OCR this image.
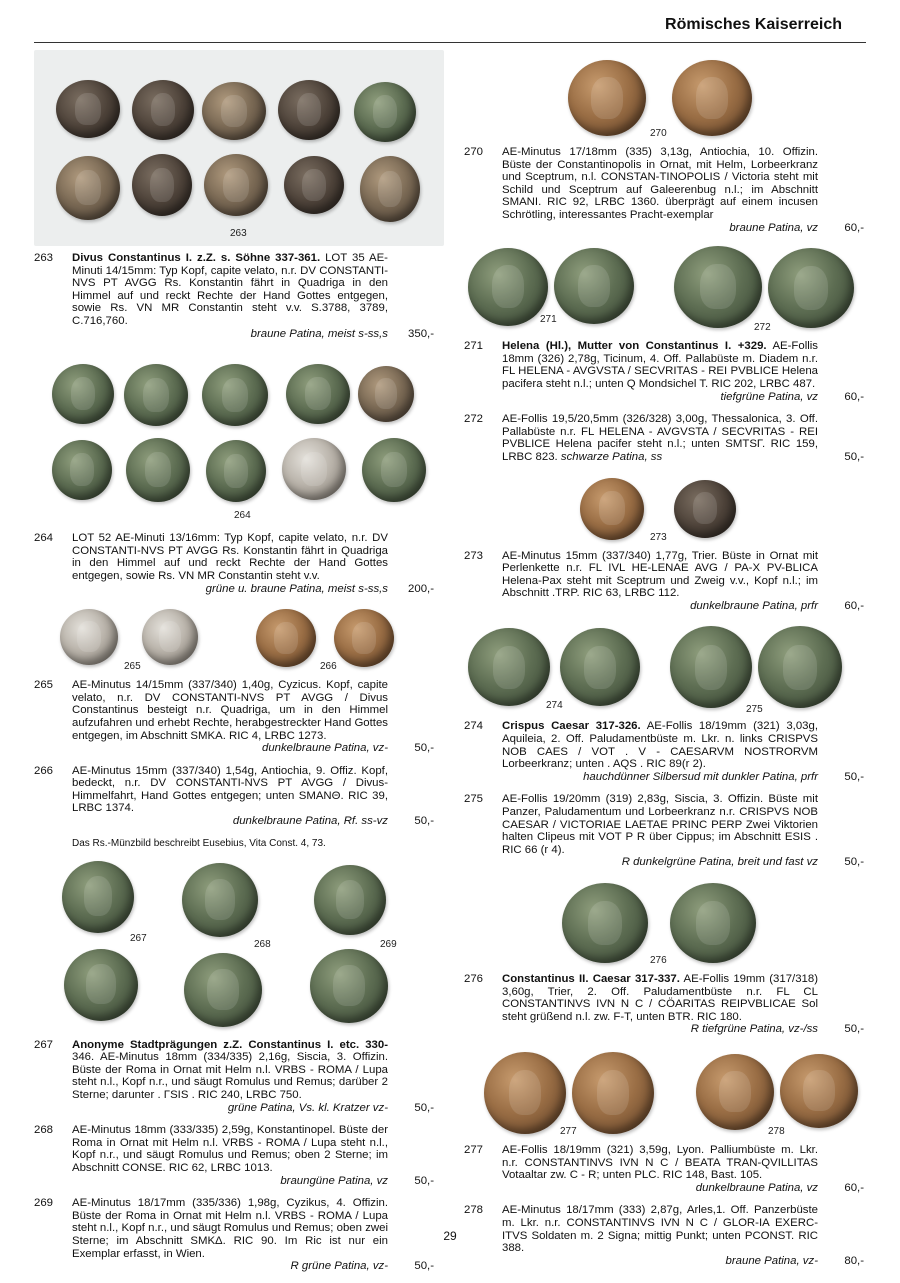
Römisches Kaiserreich
263
263	Divus Constantinus I. z.Z. s. Söhne 337-361. LOT 35 AE-Minuti 14/15mm: Typ Kopf, capite velato, n.r. DV CONSTANTI-NVS PT AVGG Rs. Konstantin fährt in Quadriga in den Himmel auf und reckt Rechte der Hand Gottes entgegen, sowie Rs. VN MR Constantin steht v.v. S.3788, 3789, C.716,760.
braune Patina, meist s-ss,s	350,-
264
264	LOT 52 AE-Minuti 13/16mm: Typ Kopf, capite velato, n.r. DV CONSTANTI-NVS PT AVGG Rs. Konstantin fährt in Quadriga in den Himmel auf und reckt Rechte der Hand Gottes entgegen, sowie Rs. VN MR Constantin steht v.v.
grüne u. braune Patina, meist s-ss,s	200,-
265	266
265	AE-Minutus 14/15mm (337/340) 1,40g, Cyzicus. Kopf, capite velato, n.r. DV CONSTANTI-NVS PT AVGG / Divus Constantinus besteigt n.r. Quadriga, um in den Himmel aufzufahren und erhebt Rechte, herabgestreckter Hand Gottes entgegen, im Abschnitt SMKA. RIC 4, LRBC 1273.
dunkelbraune Patina, vz-	50,-
266	AE-Minutus 15mm (337/340) 1,54g, Antiochia, 9. Offiz. Kopf, bedeckt, n.r. DV CONSTANTI-NVS PT AVGG / Divus-Himmelfahrt, Hand Gottes entgegen; unten SMANΘ. RIC 39, LRBC 1374.
dunkelbraune Patina, Rf. ss-vz	50,-
Das Rs.-Münzbild beschreibt Eusebius, Vita Const. 4, 73.
267
268	269
267	Anonyme Stadtprägungen z.Z. Constantinus I. etc. 330-346. AE-Minutus 18mm (334/335) 2,16g, Siscia, 3. Offizin. Büste der Roma in Ornat mit Helm n.l. VRBS - ROMA / Lupa steht n.l., Kopf n.r., und säugt Romulus und Remus; darüber 2 Sterne; darunter . ΓSIS . RIC 240, LRBC 750.
grüne Patina, Vs. kl. Kratzer vz-	50,-
268	AE-Minutus 18mm (333/335) 2,59g, Konstantinopel. Büste der Roma in Ornat mit Helm n.l. VRBS - ROMA / Lupa steht n.l., Kopf n.r., und säugt Romulus und Remus; oben 2 Sterne; im Abschnitt CONSE. RIC 62, LRBC 1013.
braungüne Patina, vz	50,-
269	AE-Minutus 18/17mm (335/336) 1,98g, Cyzikus, 4. Offizin. Büste der Roma in Ornat mit Helm n.l. VRBS - ROMA / Lupa steht n.l., Kopf n.r., und säugt Romulus und Remus; oben zwei Sterne; im Abschnitt SMKΔ. RIC 90. Im Ric ist nur ein Exemplar erfasst, in Wien.
R grüne Patina, vz-	50,-
270
270	AE-Minutus 17/18mm (335) 3,13g, Antiochia, 10. Offizin. Büste der Constantinopolis in Ornat, mit Helm, Lorbeerkranz und Sceptrum, n.l. CONSTAN-TINOPOLIS / Victoria steht mit Schild und Sceptrum auf Galeerenbug n.l.; im Abschnitt SMANI. RIC 92, LRBC 1360. überprägt auf einem incusen Schrötling, interessantes Pracht-exemplar
braune Patina, vz	60,-
271
272
271	Helena (Hl.), Mutter von Constantinus I. +329. AE-Follis 18mm (326) 2,78g, Ticinum, 4. Off. Pallabüste m. Diadem n.r. FL HELENA - AVGVSTA / SECVRITAS - REI PVBLICE Helena pacifera steht n.l.; unten Q Mondsichel T. RIC 202, LRBC 487.
tiefgrüne Patina, vz	60,-
272	AE-Follis 19,5/20,5mm (326/328) 3,00g, Thessalonica, 3. Off. Pallabüste n.r. FL HELENA - AVGVSTA / SECVRITAS - REI PVBLICE Helena pacifer steht n.l.; unten SMTSΓ. RIC 159, LRBC 823. schwarze Patina, ss	50,-
273
273	AE-Minutus 15mm (337/340) 1,77g, Trier. Büste in Ornat mit Perlenkette n.r. FL IVL HE-LENAE AVG / PA-X PV-BLICA Helena-Pax steht mit Sceptrum und Zweig v.v., Kopf n.l.; im Abschnitt .TRP. RIC 63, LRBC 112.
dunkelbraune Patina, prfr	60,-
274	275
274	Crispus Caesar 317-326. AE-Follis 18/19mm (321) 3,03g, Aquileia, 2. Off. Paludamentbüste m. Lkr. n. links CRISPVS NOB CAES / VOT . V - CAESARVM NOSTRORVM Lorbeerkranz; unten . AQS . RIC 89(r 2).
hauchdünner Silbersud mit dunkler Patina, prfr	50,-
275	AE-Follis 19/20mm (319) 2,83g, Siscia, 3. Offizin. Büste mit Panzer, Paludamentum und Lorbeerkranz n.r. CRISPVS NOB CAESAR / VICTORIAE LAETAE PRINC PERP Zwei Viktorien halten Clipeus mit VOT P R über Cippus; im Abschnitt ESIS . RIC 66 (r 4).
R dunkelgrüne Patina, breit und fast vz	50,-
276
276	Constantinus II. Caesar 317-337. AE-Follis 19mm (317/318) 3,60g, Trier, 2. Off. Paludamentbüste n.r. FL CL CONSTANTINVS IVN N C / CÖARITAS REIPVBLICAE Sol steht grüßend n.l. zw. F-T, unten BTR. RIC 180.
R tiefgrüne Patina, vz-/ss	50,-
277	278
277	AE-Follis 18/19mm (321) 3,59g, Lyon. Palliumbüste m. Lkr. n.r. CONSTANTINVS IVN N C / BEATA TRAN-QVILLITAS Votaaltar zw. C - R; unten PLC. RIC 148, Bast. 105.
dunkelbraune Patina, vz	60,-
278	AE-Minutus 18/17mm (333) 2,87g, Arles,1. Off. Panzerbüste m. Lkr. n.r. CONSTANTINVS IVN N C / GLOR-IA EXERC-ITVS Soldaten m. 2 Signa; mittig Punkt; unten PCONST. RIC 388.
braune Patina, vz-	80,-
29
